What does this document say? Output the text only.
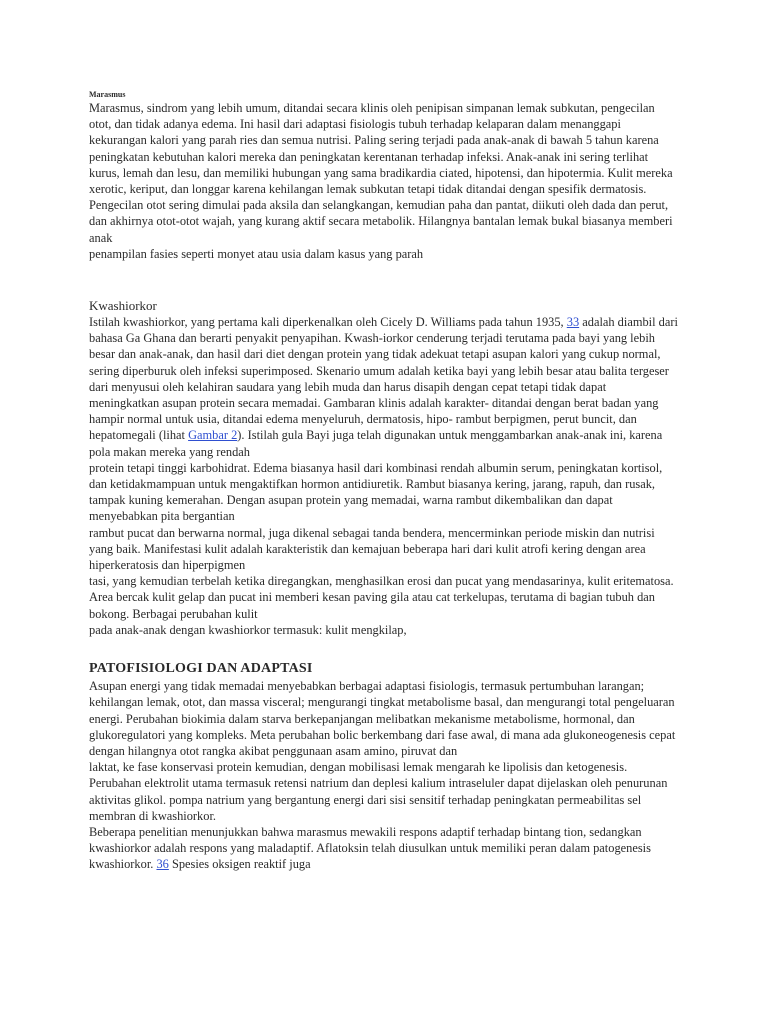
Marasmus

Marasmus, sindrom yang lebih umum, ditandai secara klinis oleh penipisan simpanan lemak subkutan, pengecilan otot, dan tidak adanya edema. Ini hasil dari adaptasi fisiologis tubuh terhadap kelaparan dalam menanggapi kekurangan kalori yang parah ries dan semua nutrisi. Paling sering terjadi pada anak-anak di bawah 5 tahun karena peningkatan kebutuhan kalori mereka dan peningkatan kerentanan terhadap infeksi. Anak-anak ini sering terlihat kurus, lemah dan lesu, dan memiliki hubungan yang sama bradikardia ciated, hipotensi, dan hipotermia. Kulit mereka xerotic, keriput, dan longgar karena kehilangan lemak subkutan tetapi tidak ditandai dengan spesifik dermatosis. Pengecilan otot sering dimulai pada aksila dan selangkangan, kemudian paha dan pantat, diikuti oleh dada dan perut, dan akhirnya otot-otot wajah, yang kurang aktif secara metabolik. Hilangnya bantalan lemak bukal biasanya memberi anak
penampilan fasies seperti monyet atau usia dalam kasus yang parah

Kwashiorkor

Istilah kwashiorkor, yang pertama kali diperkenalkan oleh Cicely D. Williams pada tahun 1935, 33 adalah diambil dari bahasa Ga Ghana dan berarti penyakit penyapihan. Kwash-iorkor cenderung terjadi terutama pada bayi yang lebih besar dan anak-anak, dan hasil dari diet dengan protein yang tidak adekuat tetapi asupan kalori yang cukup normal, sering diperburuk oleh infeksi superimposed. Skenario umum adalah ketika bayi yang lebih besar atau balita tergeser dari menyusui oleh kelahiran saudara yang lebih muda dan harus disapih dengan cepat tetapi tidak dapat meningkatkan asupan protein secara memadai. Gambaran klinis adalah karakter- ditandai dengan berat badan yang hampir normal untuk usia, ditandai edema menyeluruh, dermatosis, hipo- rambut berpigmen, perut buncit, dan hepatomegali (lihat Gambar 2). Istilah gula Bayi juga telah digunakan untuk menggambarkan anak-anak ini, karena pola makan mereka yang rendah

protein tetapi tinggi karbohidrat. Edema biasanya hasil dari kombinasi rendah albumin serum, peningkatan kortisol, dan ketidakmampuan untuk mengaktifkan hormon antidiuretik. Rambut biasanya kering, jarang, rapuh, dan rusak, tampak kuning kemerahan. Dengan asupan protein yang memadai, warna rambut dikembalikan dan dapat menyebabkan pita bergantian

rambut pucat dan berwarna normal, juga dikenal sebagai tanda bendera, mencerminkan periode miskin dan nutrisi yang baik. Manifestasi kulit adalah karakteristik dan kemajuan beberapa hari dari kulit atrofi kering dengan area hiperkeratosis dan hiperpigmen

tasi, yang kemudian terbelah ketika diregangkan, menghasilkan erosi dan pucat yang mendasarinya, kulit eritematosa. Area bercak kulit gelap dan pucat ini memberi kesan paving gila atau cat terkelupas, terutama di bagian tubuh dan bokong. Berbagai perubahan kulit

pada anak-anak dengan kwashiorkor termasuk: kulit mengkilap,

PATOFISIOLOGI DAN ADAPTASI

Asupan energi yang tidak memadai menyebabkan berbagai adaptasi fisiologis, termasuk pertumbuhan larangan; kehilangan lemak, otot, dan massa visceral; mengurangi tingkat metabolisme basal, dan mengurangi total pengeluaran energi. Perubahan biokimia dalam starva berkepanjangan melibatkan mekanisme metabolisme, hormonal, dan glukoregulatori yang kompleks. Meta perubahan bolic berkembang dari fase awal, di mana ada glukoneogenesis cepat dengan hilangnya otot rangka akibat penggunaan asam amino, piruvat dan

laktat, ke fase konservasi protein kemudian, dengan mobilisasi lemak mengarah ke lipolisis dan ketogenesis. Perubahan elektrolit utama termasuk retensi natrium dan deplesi kalium intraseluler dapat dijelaskan oleh penurunan aktivitas glikol. pompa natrium yang bergantung energi dari sisi sensitif terhadap peningkatan permeabilitas sel membran di kwashiorkor.

Beberapa penelitian menunjukkan bahwa marasmus mewakili respons adaptif terhadap bintang tion, sedangkan kwashiorkor adalah respons yang maladaptif. Aflatoksin telah diusulkan untuk memiliki peran dalam patogenesis kwashiorkor. 36 Spesies oksigen reaktif juga
